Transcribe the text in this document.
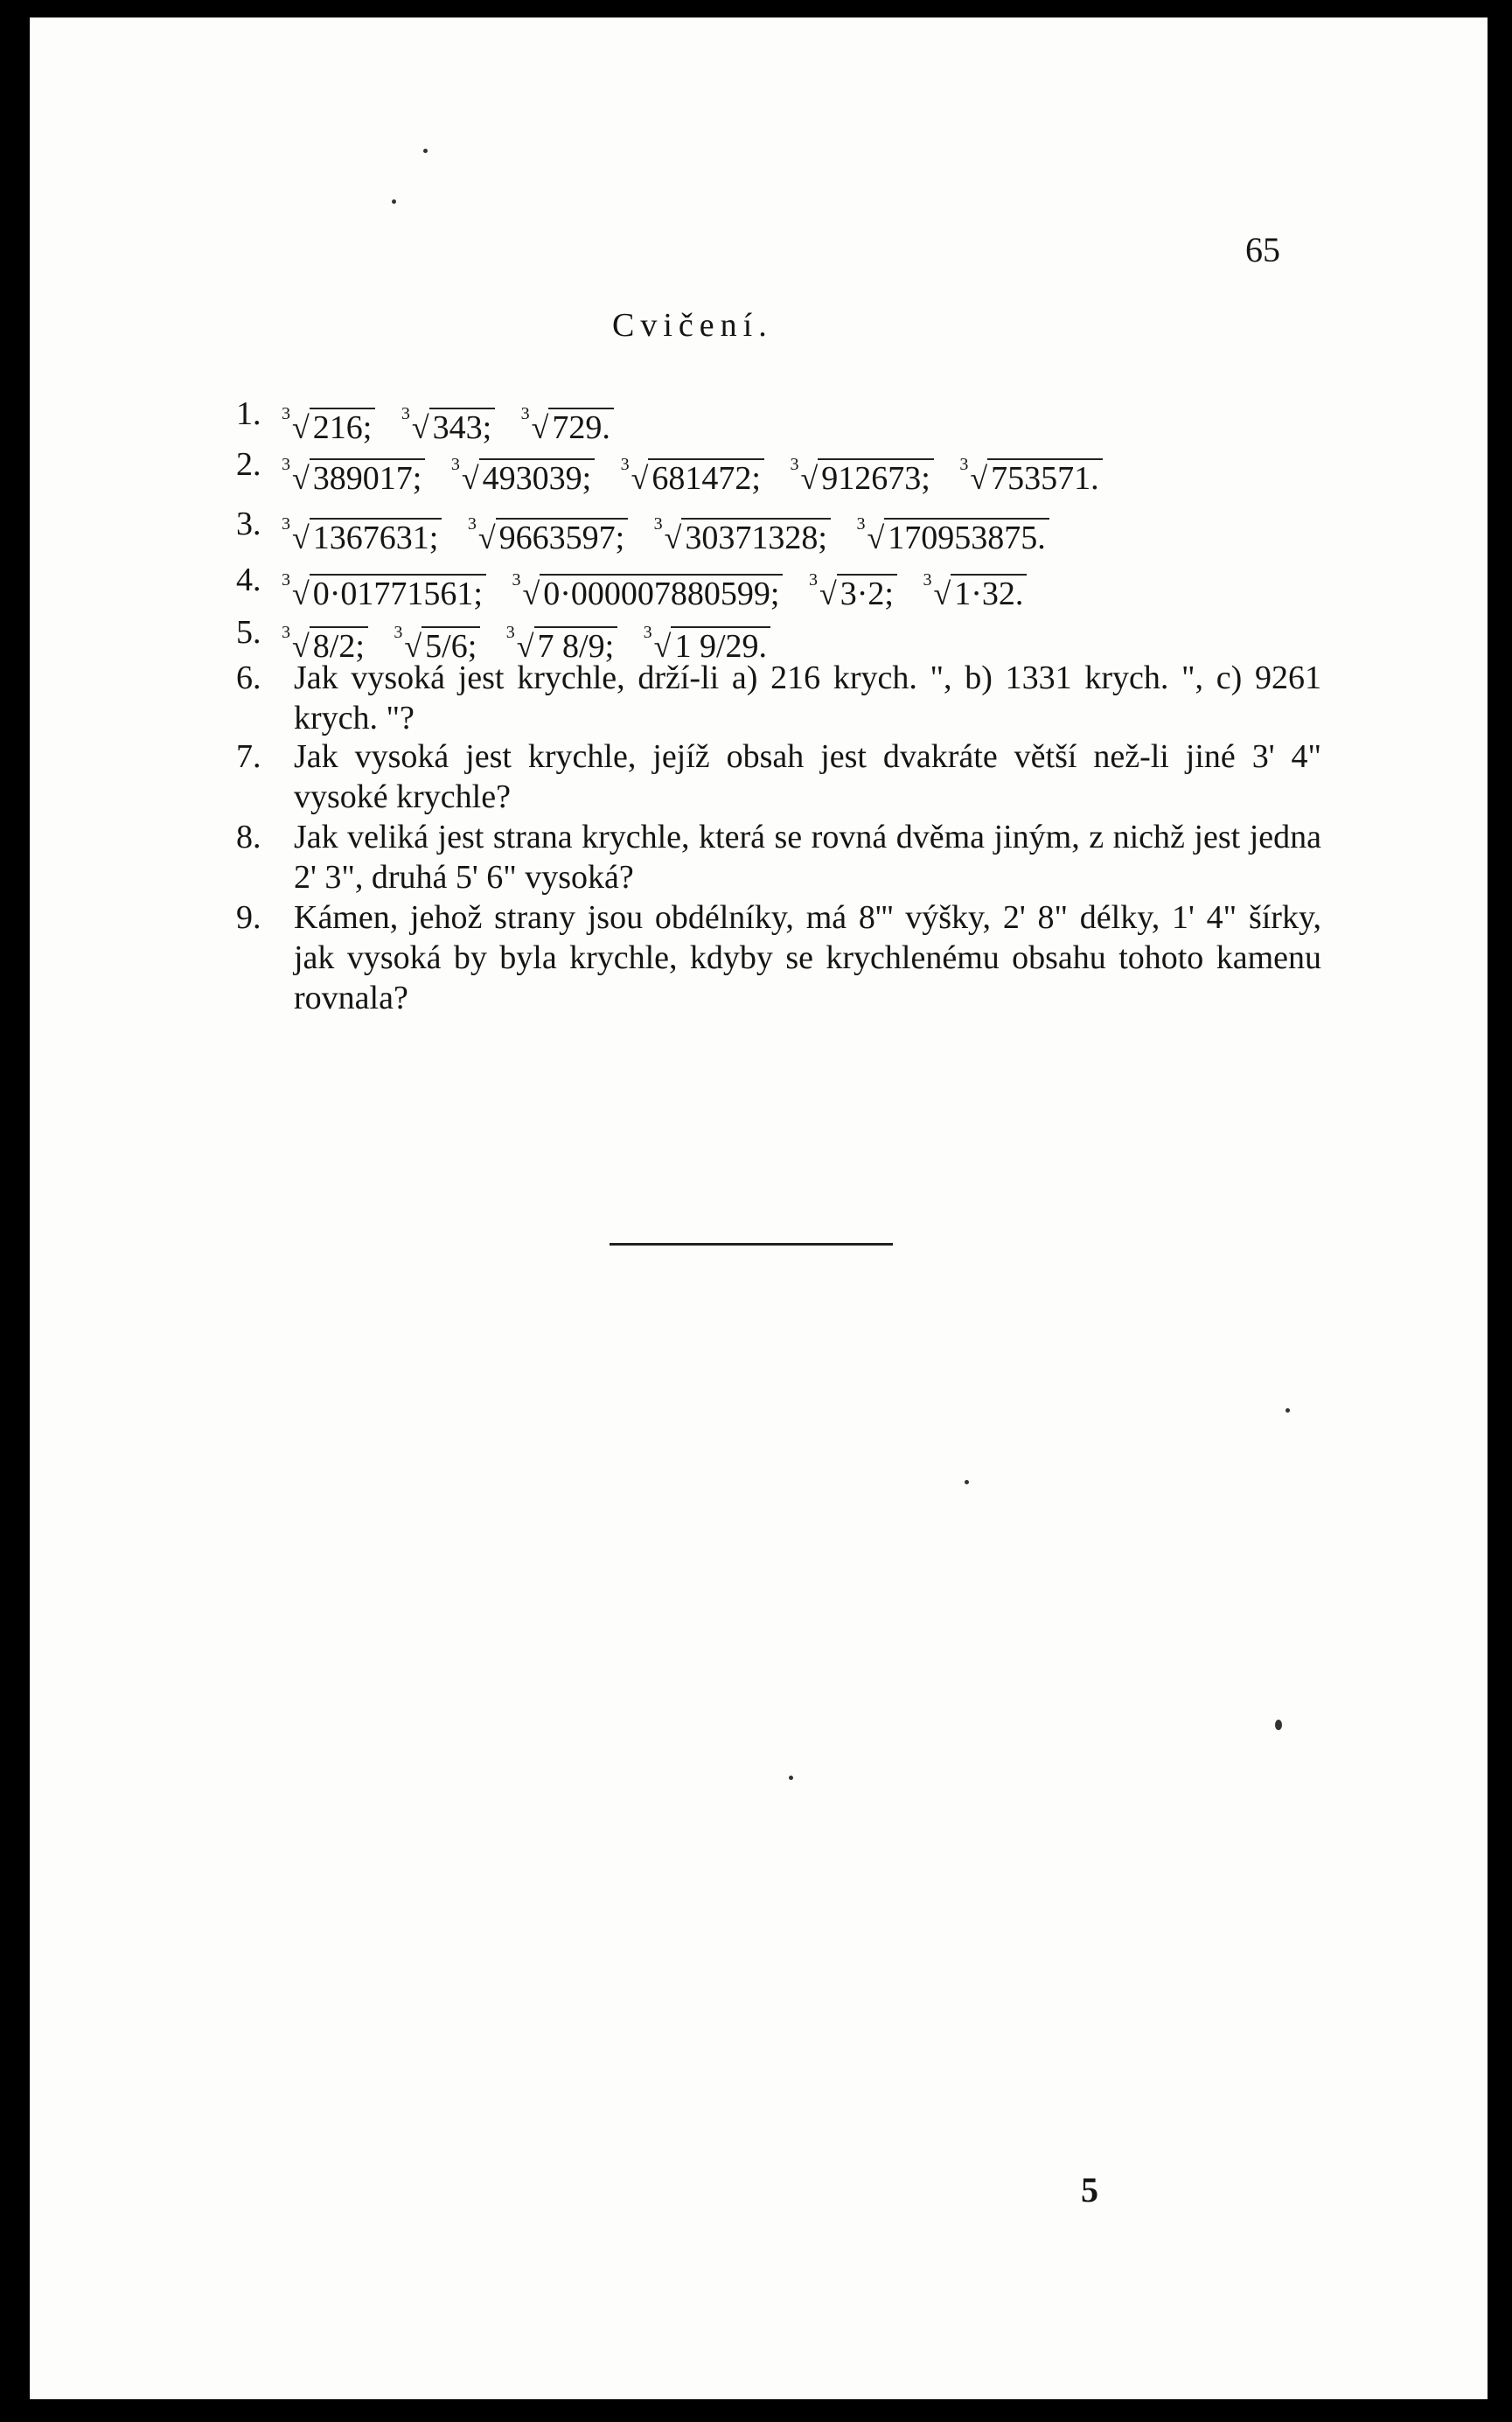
65
Cvičení.
1.	$^3$√ 216; $^3$√ 343; $^3$√ 729.
2.	$^3$√ 389017; $^3$√ 493039; $^3$√ 681472; $^3$√ 912673; $^3$√ 753571.
3.	$^3$√ 1367631; $^3$√ 9663597; $^3$√ 30371328; $^3$√ 170953875.
4.	$^3$√ 0·01771561; $^3$√ 0·000007880599; $^3$√ 3·2; $^3$√ 1·32.
5.	$^3$√ 8/2; $^3$√ 5/6; $^3$√ 7 8/9; $^3$√ 1 9/29.
6. Jak vysoká jest krychle, drží-li a) 216 krych. ", b) 1331 krych. ", c) 9261 krych. "?
7. Jak vysoká jest krychle, jejíž obsah jest dvakráte větší než-li jiné 3' 4" vysoké krychle?
8. Jak veliká jest strana krychle, která se rovná dvěma jiným, z nichž jest jedna 2' 3", druhá 5' 6" vysoká?
9. Kámen, jehož strany jsou obdélníky, má 8''' výšky, 2' 8" délky, 1' 4" šírky, jak vysoká by byla krychle, kdyby se krychlenému obsahu tohoto kamenu rovnala?
5
